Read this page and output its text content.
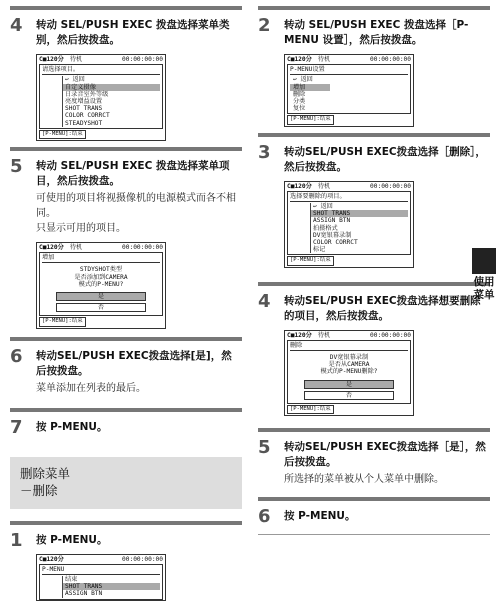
4 转动 SEL/PUSH EXEC 拨盘选择菜单类别，然后按拨盘。
C■120分 待机	00:00:00:00
请选择项目。
↩ 返回
自定义摄像
日录音室外等级
亮度增益设置
SHOT TRANS
COLOR CORRCT
STEADYSHOT
[P-MENU]:结束
5 转动 SEL/PUSH EXEC 拨盘选择菜单项目，然后按拨盘。
可使用的项目将视摄像机的电源模式而各不相同。
只显示可用的项目。
C■120分 待机	00:00:00:00
增加
STDYSHOT类型
是否添加到CAMERA
模式的P-MENU?
是
否
[P-MENU]:结束
6 转动SEL/PUSH EXEC拨盘选择[是]，然后按拨盘。
菜单添加在列表的最后。
7 按 P-MENU。
删除菜单
－删除
1 按 P-MENU。
C■120分	00:00:00:00
P-MENU
结束
SHOT TRANS
ASSIGN BTN
2 转动 SEL/PUSH EXEC 拨盘选择［P-MENU 设置］，然后按拨盘。
C■120分 待机	00:00:00:00
P-MENU设置
↩ 返回
增加
删除
分类
复位
[P-MENU]:结束
3 转动SEL/PUSH EXEC拨盘选择［删除］，然后按拨盘。
C■120分 待机	00:00:00:00
选择要删除的项目。
↩ 返回
SHOT TRANS
ASSIGN BTN
拍摄格式
DV宽银幕录制
COLOR CORRCT
标记
[P-MENU]:结束
4 转动SEL/PUSH EXEC拨盘选择想要删除的项目，然后按拨盘。
C■120分 待机	00:00:00:00
删除
DV宽银幕录制
是否从CAMERA
模式的P-MENU删除?
是
否
[P-MENU]:结束
5 转动SEL/PUSH EXEC拨盘选择［是］，然后按拨盘。
所选择的菜单被从个人菜单中删除。
6 按 P-MENU。
使用菜单
